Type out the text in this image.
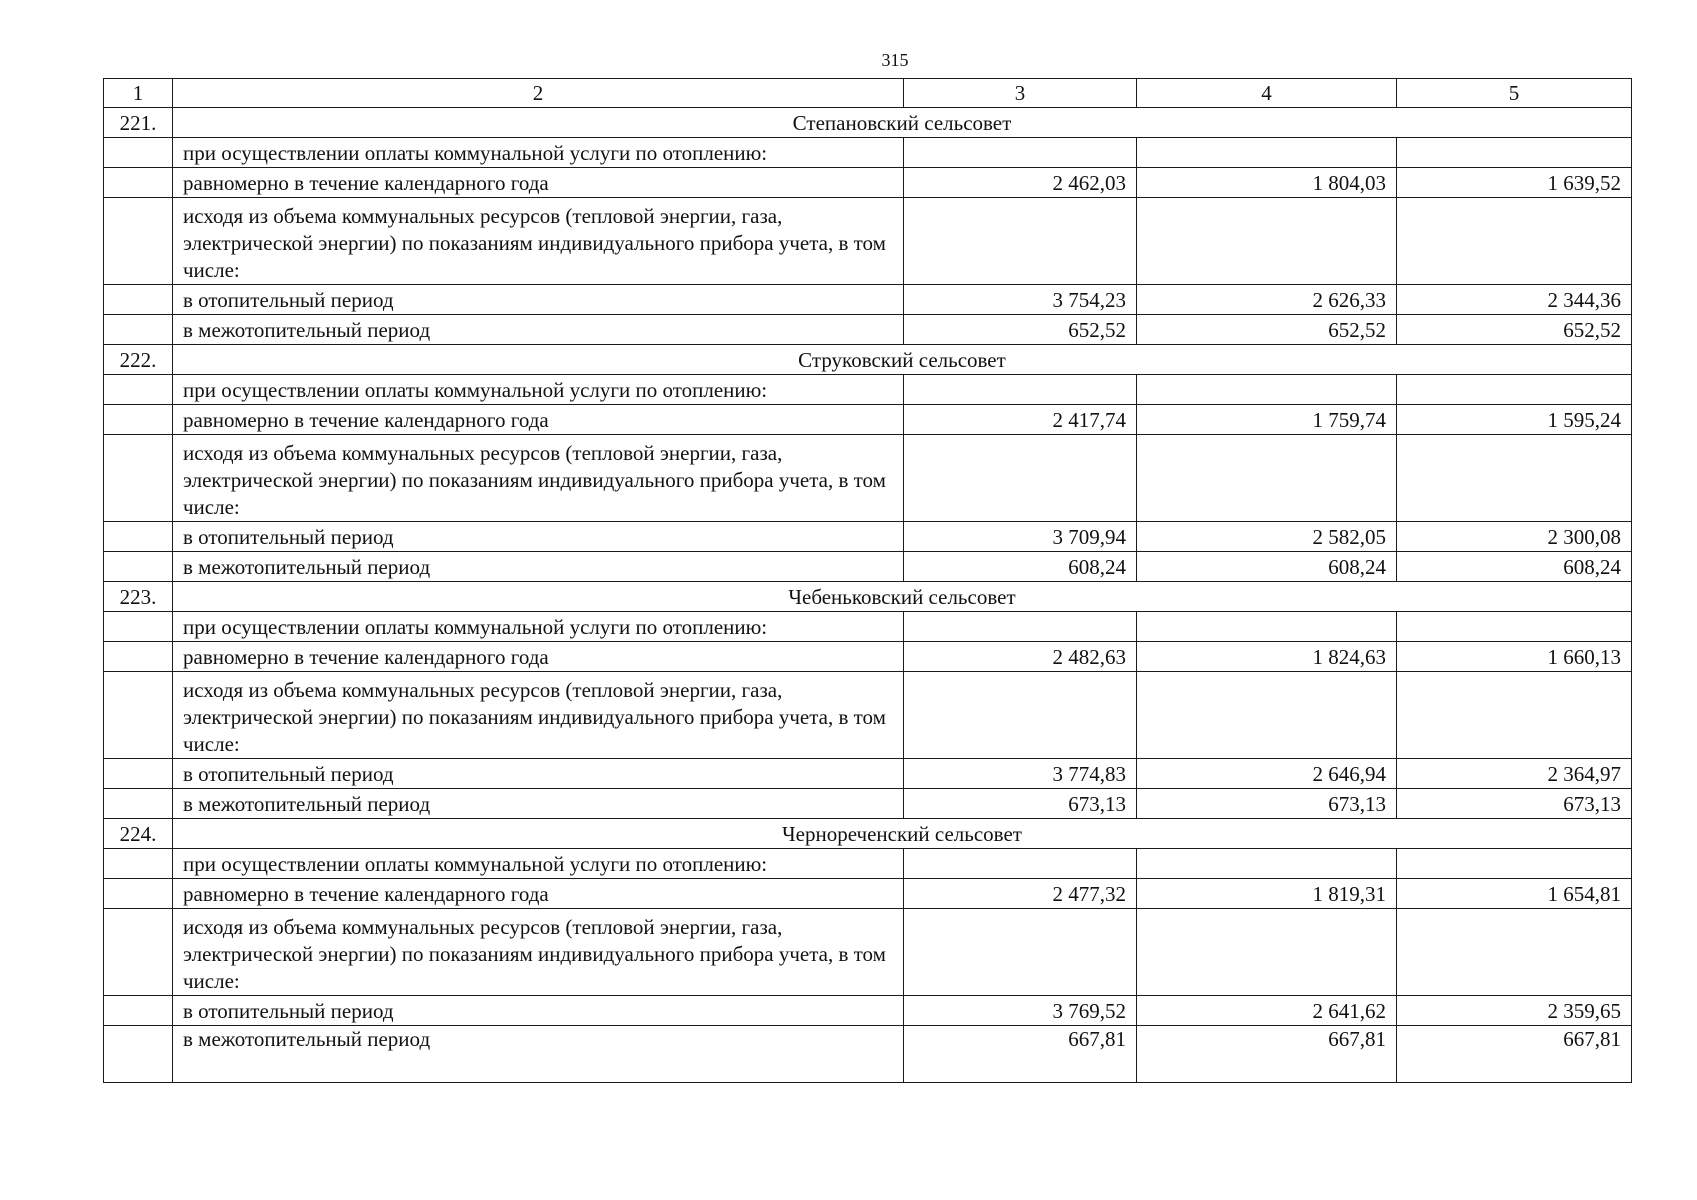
315
1	2	3	4	5
221.	Степановский сельсовет			
	при осуществлении оплаты коммунальной услуги по отоплению:			
	равномерно в течение календарного года	2 462,03	1 804,03	1 639,52
	исходя из объема коммунальных ресурсов (тепловой энергии, газа, электрической энергии) по показаниям индивидуального прибора учета, в том числе:			
	в отопительный период	3 754,23	2 626,33	2 344,36
	в межотопительный период	652,52	652,52	652,52
222.	Струковский сельсовет			
	при осуществлении оплаты коммунальной услуги по отоплению:			
	равномерно в течение календарного года	2 417,74	1 759,74	1 595,24
	исходя из объема коммунальных ресурсов (тепловой энергии, газа, электрической энергии) по показаниям индивидуального прибора учета, в том числе:			
	в отопительный период	3 709,94	2 582,05	2 300,08
	в межотопительный период	608,24	608,24	608,24
223.	Чебеньковский сельсовет			
	при осуществлении оплаты коммунальной услуги по отоплению:			
	равномерно в течение календарного года	2 482,63	1 824,63	1 660,13
	исходя из объема коммунальных ресурсов (тепловой энергии, газа, электрической энергии) по показаниям индивидуального прибора учета, в том числе:			
	в отопительный период	3 774,83	2 646,94	2 364,97
	в межотопительный период	673,13	673,13	673,13
224.	Чернореченский сельсовет			
	при осуществлении оплаты коммунальной услуги по отоплению:			
	равномерно в течение календарного года	2 477,32	1 819,31	1 654,81
	исходя из объема коммунальных ресурсов (тепловой энергии, газа, электрической энергии) по показаниям индивидуального прибора учета, в том числе:			
	в отопительный период	3 769,52	2 641,62	2 359,65
	в межотопительный период	667,81	667,81	667,81
